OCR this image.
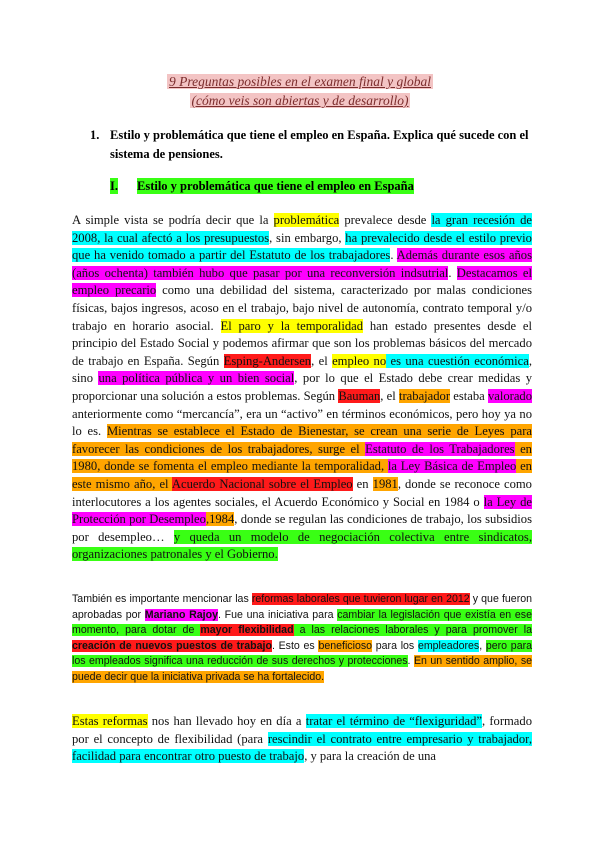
9 Preguntas posibles en el examen final y global
(cómo veis son abiertas y de desarrollo)
1. Estilo y problemática que tiene el empleo en España. Explica qué sucede con el sistema de pensiones.
I. Estilo y problemática que tiene el empleo en España
A simple vista se podría decir que la problemática prevalece desde la gran recesión de 2008, la cual afectó a los presupuestos, sin embargo, ha prevalecido desde el estilo previo que ha venido tomado a partir del Estatuto de los trabajadores. Además durante esos años (años ochenta) también hubo que pasar por una reconversión indsutrial. Destacamos el empleo precario como una debilidad del sistema, caracterizado por malas condiciones físicas, bajos ingresos, acoso en el trabajo, bajo nivel de autonomía, contrato temporal y/o trabajo en horario asocial. El paro y la temporalidad han estado presentes desde el principio del Estado Social y podemos afirmar que son los problemas básicos del mercado de trabajo en España. Según Esping-Andersen, el empleo no es una cuestión económica, sino una política pública y un bien social, por lo que el Estado debe crear medidas y proporcionar una solución a estos problemas. Según Bauman, el trabajador estaba valorado anteriormente como “mercancía”, era un “activo” en términos económicos, pero hoy ya no lo es. Mientras se establece el Estado de Bienestar, se crean una serie de Leyes para favorecer las condiciones de los trabajadores, surge el Estatuto de los Trabajadores en 1980, donde se fomenta el empleo mediante la temporalidad, la Ley Básica de Empleo en este mismo año, el Acuerdo Nacional sobre el Empleo en 1981, donde se reconoce como interlocutores a los agentes sociales, el Acuerdo Económico y Social en 1984 o la Ley de Protección por Desempleo,1984, donde se regulan las condiciones de trabajo, los subsidios por desempleo… y queda un modelo de negociación colectiva entre sindicatos, organizaciones patronales y el Gobierno.
También es importante mencionar las reformas laborales que tuvieron lugar en 2012 y que fueron aprobadas por Mariano Rajoy. Fue una iniciativa para cambiar la legislación que existía en ese momento, para dotar de mayor flexibilidad a las relaciones laborales y para promover la creación de nuevos puestos de trabajo. Esto es beneficioso para los empleadores, pero para los empleados significa una reducción de sus derechos y protecciones. En un sentido amplio, se puede decir que la iniciativa privada se ha fortalecido.
Estas reformas nos han llevado hoy en día a tratar el término de “flexiguridad”, formado por el concepto de flexibilidad (para rescindir el contrato entre empresario y trabajador, facilidad para encontrar otro puesto de trabajo, y para la creación de una
